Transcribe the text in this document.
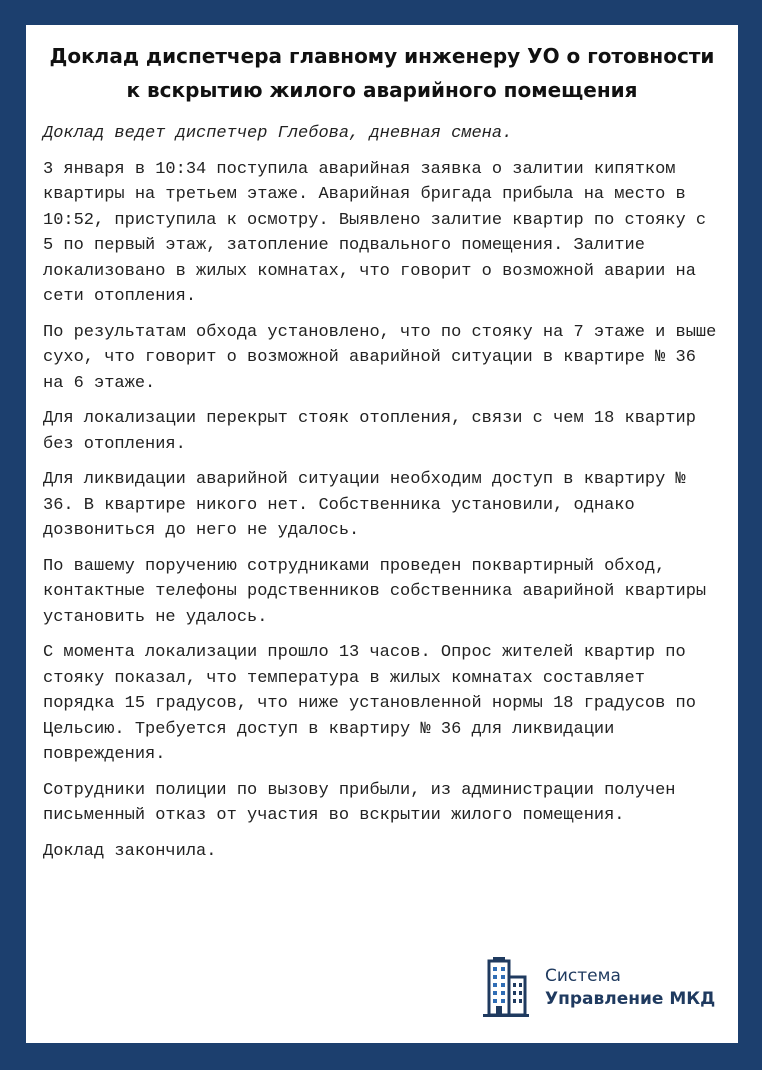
Доклад диспетчера главному инженеру УО о готовности к вскрытию жилого аварийного помещения

Доклад ведет диспетчер Глебова, дневная смена.

3 января в 10:34 поступила аварийная заявка о залитии кипятком квартиры на третьем этаже. Аварийная бригада прибыла на место в 10:52, приступила к осмотру. Выявлено залитие квартир по стояку с 5 по первый этаж, затопление подвального помещения. Залитие локализовано в жилых комнатах, что говорит о возможной аварии на сети отопления.

По результатам обхода установлено, что по стояку на 7 этаже и выше сухо, что говорит о возможной аварийной ситуации в квартире № 36 на 6 этаже.

Для локализации перекрыт стояк отопления, связи с чем 18 квартир без отопления.

Для ликвидации аварийной ситуации необходим доступ в квартиру № 36. В квартире никого нет. Собственника установили, однако дозвониться до него не удалось.

По вашему поручению сотрудниками проведен поквартирный обход, контактные телефоны родственников собственника аварийной квартиры установить не удалось.

С момента локализации прошло 13 часов. Опрос жителей квартир по стояку показал, что температура в жилых комнатах составляет порядка 15 градусов, что ниже установленной нормы 18 градусов по Цельсию. Требуется доступ в квартиру № 36 для ликвидации повреждения.

Сотрудники полиции по вызову прибыли, из администрации получен письменный отказ от участия во вскрытии жилого помещения.

Доклад закончила.

Система
Управление МКД
